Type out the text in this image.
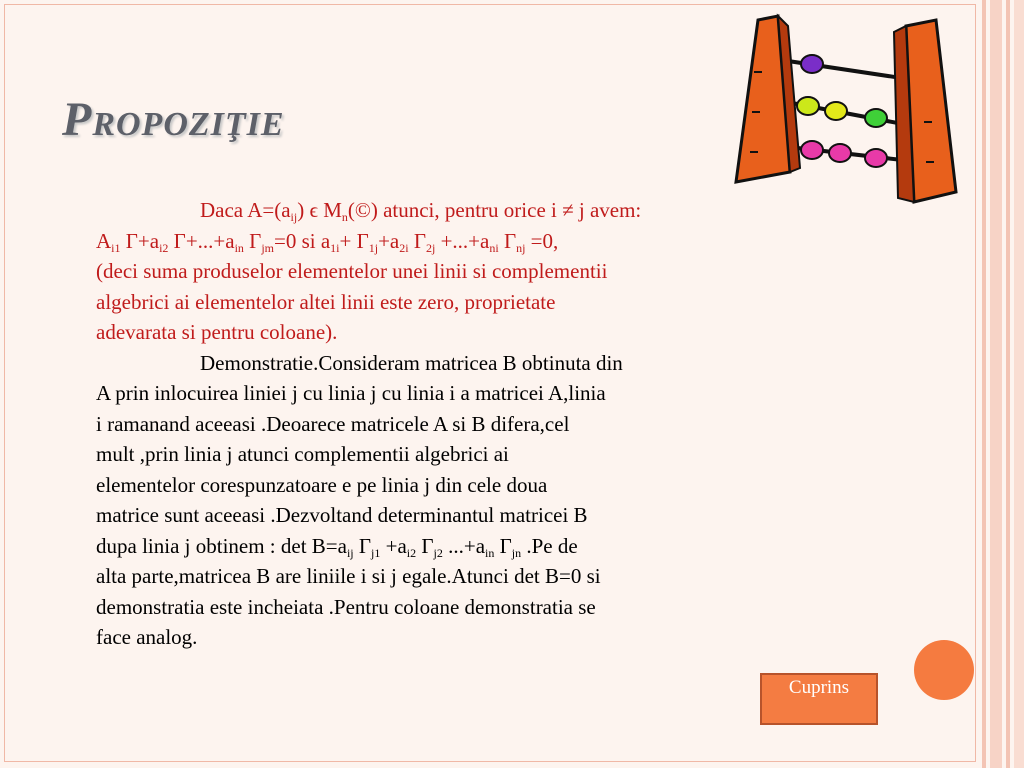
Propoziţie
Daca $A=(a_{ij})$ ϵ $M_n(©)$ atunci, pentru orice i ≠ j avem:
$A_{i1}$ $\Gamma+a_{i2}$ $\Gamma+...+a_{in}$ $\Gamma_{jm}=0$ si $a_{1i}+ \Gamma_{1j}+a_{2i}$ $\Gamma_{2j} +...+a_{ni}$ $\Gamma_{nj} =0$,
(deci suma produselor elementelor unei linii si complementii
algebrici ai elementelor altei linii este zero, proprietate
adevarata si pentru coloane).
Demonstratie.Consideram matricea B obtinuta din
A prin inlocuirea liniei j cu linia j cu linia i a matricei A,linia
i ramanand aceeasi .Deoarece matricele A si B difera,cel
mult ,prin linia j atunci complementii algebrici ai
elementelor corespunzatoare e pe linia j din cele doua
matrice sunt aceeasi .Dezvoltand determinantul matricei B
dupa linia j obtinem : $\det B=a_{ij}$ $\Gamma_{j1} +a_{i2}$ $\Gamma_{j2}$ $...+a_{in}$ $\Gamma_{jn}$ .Pe de
alta parte,matricea B are liniile i si j egale.Atunci det B=0 si
demonstratia este incheiata .Pentru coloane demonstratia se
face analog.
Cuprins
